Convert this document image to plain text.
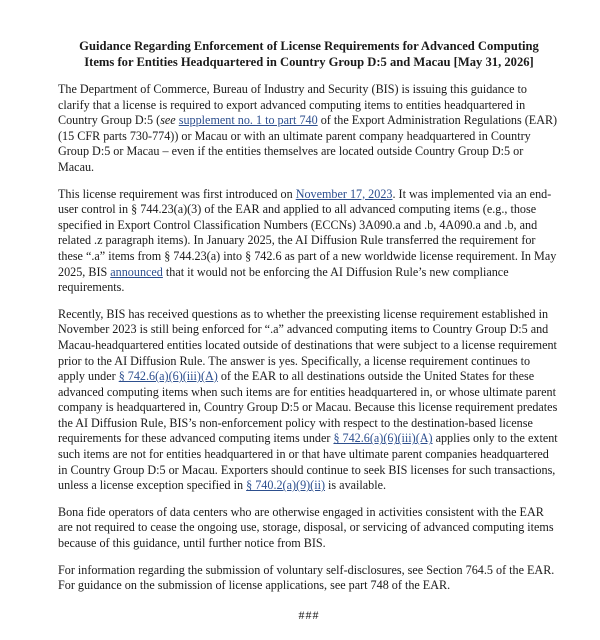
Guidance Regarding Enforcement of License Requirements for Advanced Computing
Items for Entities Headquartered in Country Group D:5 and Macau [May 31, 2026]

The Department of Commerce, Bureau of Industry and Security (BIS) is issuing this guidance to clarify that a license is required to export advanced computing items to entities headquartered in Country Group D:5 (see supplement no. 1 to part 740 of the Export Administration Regulations (EAR) (15 CFR parts 730-774)) or Macau or with an ultimate parent company headquartered in Country Group D:5 or Macau – even if the entities themselves are located outside Country Group D:5 or Macau.

This license requirement was first introduced on November 17, 2023. It was implemented via an end-user control in § 744.23(a)(3) of the EAR and applied to all advanced computing items (e.g., those specified in Export Control Classification Numbers (ECCNs) 3A090.a and .b, 4A090.a and .b, and related .z paragraph items). In January 2025, the AI Diffusion Rule transferred the requirement for these “.a” items from § 744.23(a) into § 742.6 as part of a new worldwide license requirement. In May 2025, BIS announced that it would not be enforcing the AI Diffusion Rule’s new compliance requirements.

Recently, BIS has received questions as to whether the preexisting license requirement established in November 2023 is still being enforced for “.a” advanced computing items to Country Group D:5 and Macau-headquartered entities located outside of destinations that were subject to a license requirement prior to the AI Diffusion Rule. The answer is yes. Specifically, a license requirement continues to apply under § 742.6(a)(6)(iii)(A) of the EAR to all destinations outside the United States for these advanced computing items when such items are for entities headquartered in, or whose ultimate parent company is headquartered in, Country Group D:5 or Macau. Because this license requirement predates the AI Diffusion Rule, BIS’s non-enforcement policy with respect to the destination-based license requirements for these advanced computing items under § 742.6(a)(6)(iii)(A) applies only to the extent such items are not for entities headquartered in or that have ultimate parent companies headquartered in Country Group D:5 or Macau. Exporters should continue to seek BIS licenses for such transactions, unless a license exception specified in § 740.2(a)(9)(ii) is available.

Bona fide operators of data centers who are otherwise engaged in activities consistent with the EAR are not required to cease the ongoing use, storage, disposal, or servicing of advanced computing items because of this guidance, until further notice from BIS.

For information regarding the submission of voluntary self-disclosures, see Section 764.5 of the EAR. For guidance on the submission of license applications, see part 748 of the EAR.

###
